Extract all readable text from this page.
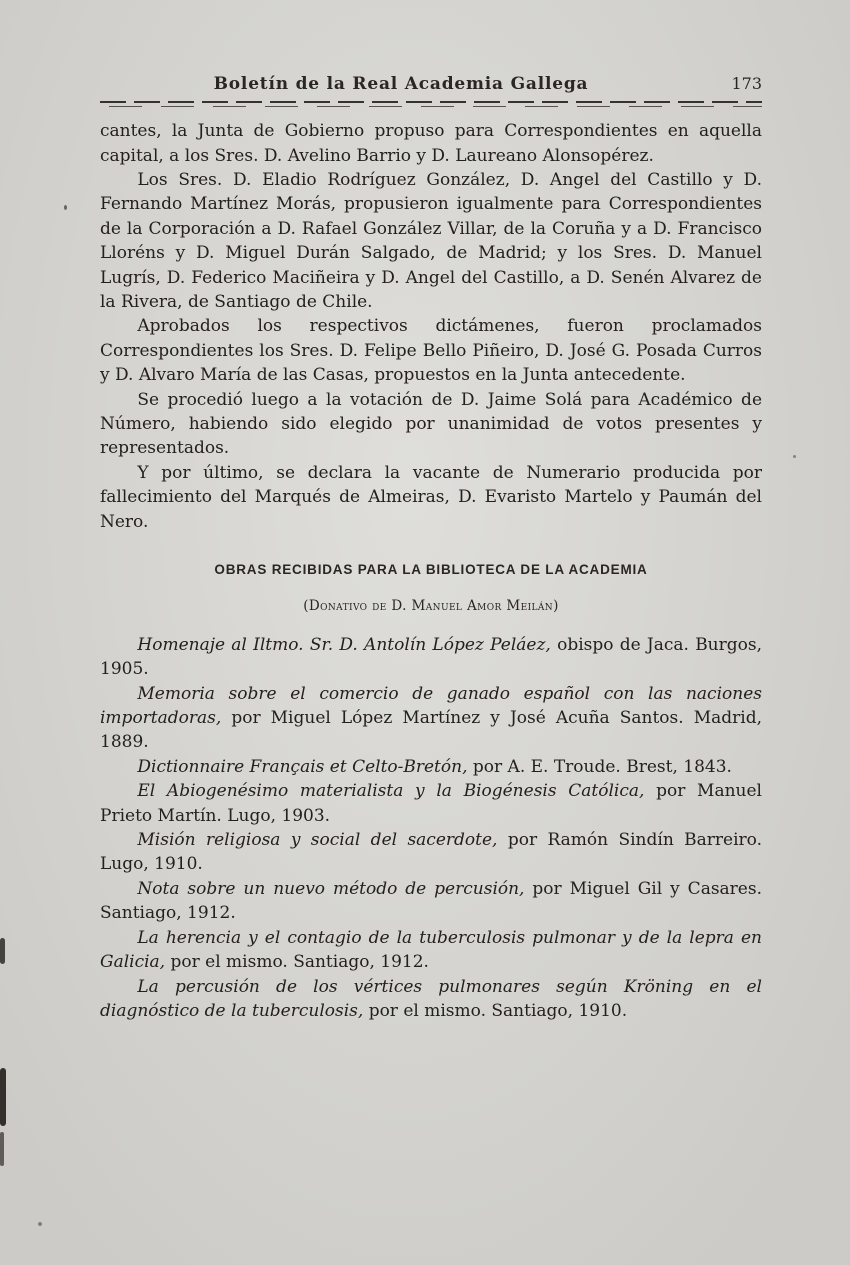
Boletín de la Real Academia Gallega	173

cantes, la Junta de Gobierno propuso para Correspondientes en aquella capital, a los Sres. D. Avelino Barrio y D. Laureano Alonsopérez.

Los Sres. D. Eladio Rodríguez González, D. Angel del Castillo y D. Fernando Martínez Morás, propusieron igualmente para Correspondientes de la Corporación a D. Rafael González Villar, de la Coruña y a D. Francisco Lloréns y D. Miguel Durán Salgado, de Madrid; y los Sres. D. Manuel Lugrís, D. Federico Maciñeira y D. Angel del Castillo, a D. Senén Alvarez de la Rivera, de Santiago de Chile.

Aprobados los respectivos dictámenes, fueron proclamados Correspondientes los Sres. D. Felipe Bello Piñeiro, D. José G. Posada Curros y D. Alvaro María de las Casas, propuestos en la Junta antecedente.

Se procedió luego a la votación de D. Jaime Solá para Académico de Número, habiendo sido elegido por unanimidad de votos presentes y representados.

Y por último, se declara la vacante de Numerario producida por fallecimiento del Marqués de Almeiras, D. Evaristo Martelo y Paumán del Nero.

OBRAS RECIBIDAS PARA LA BIBLIOTECA DE LA ACADEMIA
(Donativo de D. Manuel Amor Meilán)

Homenaje al Iltmo. Sr. D. Antolín López Peláez, obispo de Jaca. Burgos, 1905.

Memoria sobre el comercio de ganado español con las naciones importadoras, por Miguel López Martínez y José Acuña Santos. Madrid, 1889.

Dictionnaire Français et Celto-Bretón, por A. E. Troude. Brest, 1843.

El Abiogenésimo materialista y la Biogénesis Católica, por Manuel Prieto Martín. Lugo, 1903.

Misión religiosa y social del sacerdote, por Ramón Sindín Barreiro. Lugo, 1910.

Nota sobre un nuevo método de percusión, por Miguel Gil y Casares. Santiago, 1912.

La herencia y el contagio de la tuberculosis pulmonar y de la lepra en Galicia, por el mismo. Santiago, 1912.

La percusión de los vértices pulmonares según Kröning en el diagnóstico de la tuberculosis, por el mismo. Santiago, 1910.
